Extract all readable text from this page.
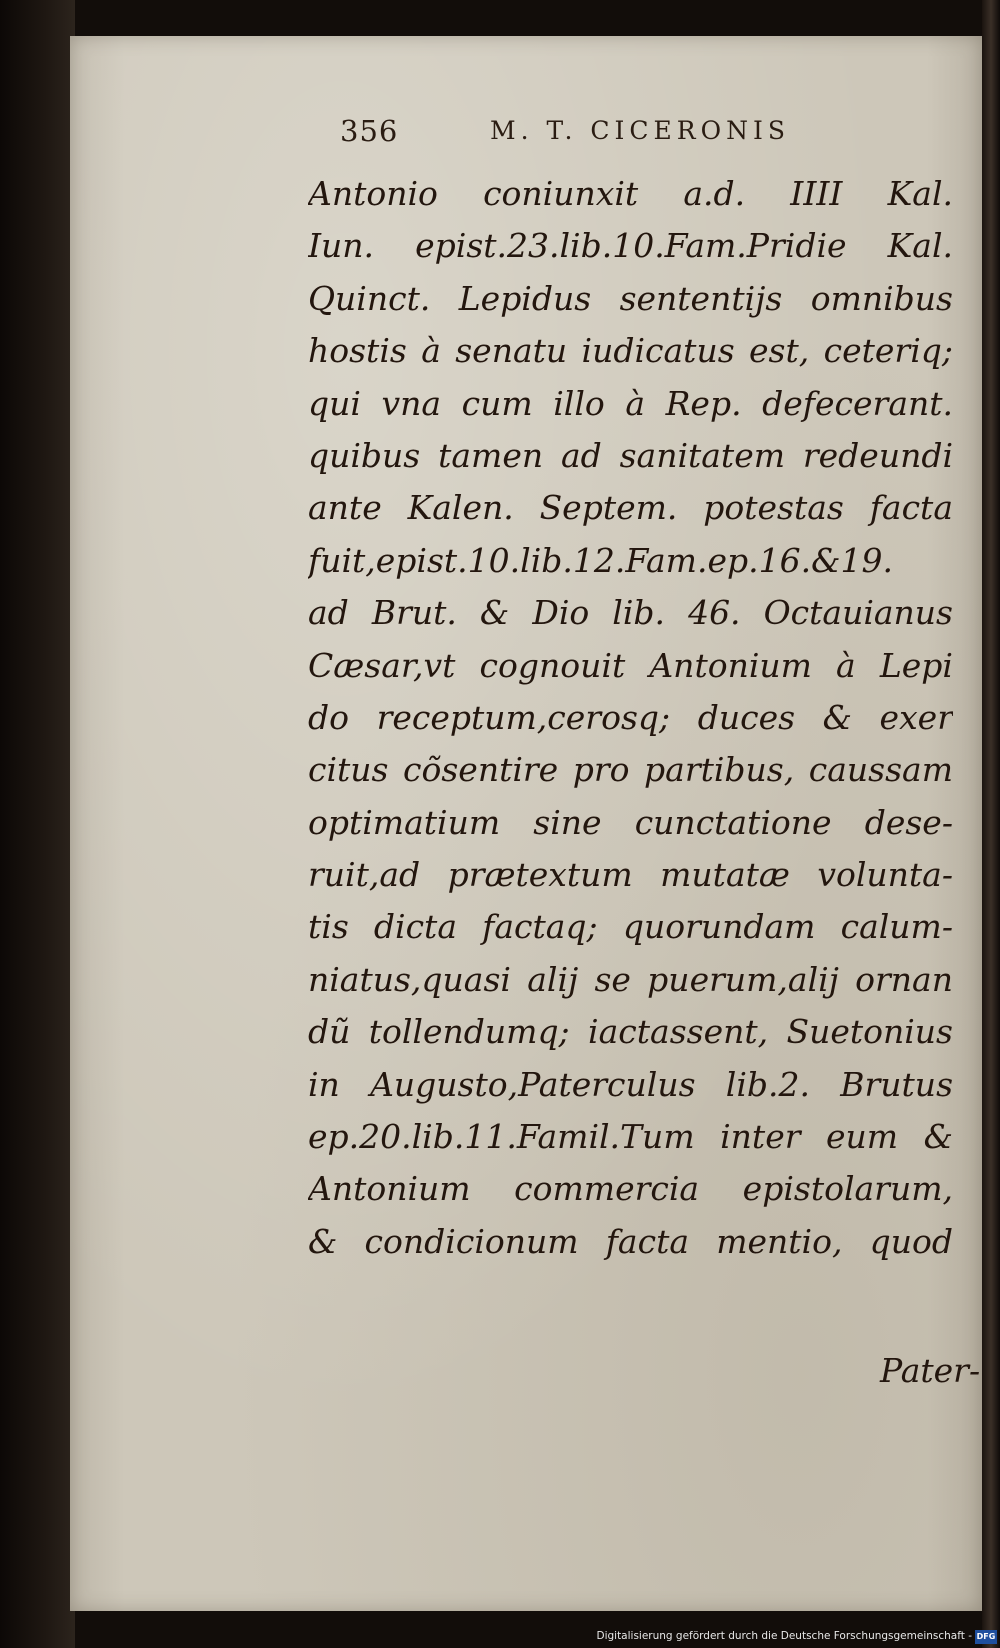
356	M. T. CICERONIS
Antonio coniunxit a.d. IIII Kal.
Iun. epist.23.lib.10.Fam.Pridie Kal.
Quinct. Lepidus sententijs omnibus
hostis à senatu iudicatus est, ceteriq;
qui vna cum illo à Rep. defecerant.
quibus tamen ad sanitatem redeundi
ante Kalen. Septem. potestas facta
fuit,epist.10.lib.12.Fam.ep.16.&19.
ad Brut. & Dio lib. 46. Octauianus
Cæsar,vt cognouit Antonium à Lepi
do receptum,cerosq; duces & exer
citus cõsentire pro partibus, caussam
optimatium sine cunctatione dese-
ruit,ad prætextum mutatæ volunta-
tis dicta factaq; quorundam calum-
niatus,quasi alij se puerum,alij ornan
dũ tollendumq; iactassent, Suetonius
in Augusto,Paterculus lib.2. Brutus
ep.20.lib.11.Famil.Tum inter eum &
Antonium commercia epistolarum,
& condicionum facta mentio, quod
Pater-
Digitalisierung gefördert durch die Deutsche Forschungsgemeinschaft - DFG
